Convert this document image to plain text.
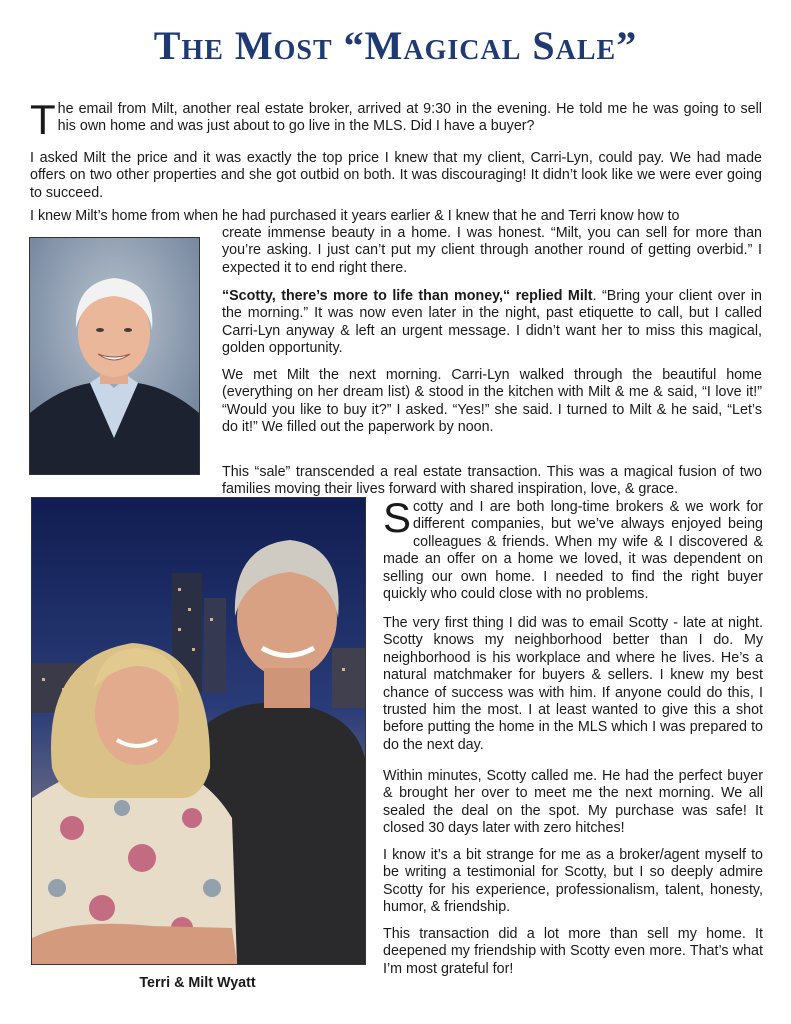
The Most “Magical Sale”

The email from Milt, another real estate broker, arrived at 9:30 in the evening. He told me he was going to sell his own home and was just about to go live in the MLS. Did I have a buyer?

I asked Milt the price and it was exactly the top price I knew that my client, Carri-Lyn, could pay. We had made offers on two other properties and she got outbid on both. It was discouraging! It didn’t look like we were ever going to succeed.

I knew Milt’s home from when he had purchased it years earlier & I knew that he and Terri know how to

create immense beauty in a home. I was honest. “Milt, you can sell for more than you’re asking. I just can’t put my client through another round of getting overbid.” I expected it to end right there.

“Scotty, there’s more to life than money,“ replied Milt. “Bring your client over in the morning.” It was now even later in the night, past etiquette to call, but I called Carri-Lyn anyway & left an urgent message. I didn’t want her to miss this magical, golden opportunity.

We met Milt the next morning. Carri-Lyn walked through the beautiful home (everything on her dream list) & stood in the kitchen with Milt & me & said, “I love it!” “Would you like to buy it?” I asked. “Yes!” she said. I turned to Milt & he said, “Let’s do it!” We filled out the paperwork by noon.

This “sale” transcended a real estate transaction. This was a magical fusion of two families moving their lives forward with shared inspiration, love, & grace.

Terri & Milt Wyatt

Scotty and I are both long-time brokers & we work for different companies, but we’ve always enjoyed being colleagues & friends. When my wife & I discovered & made an offer on a home we loved, it was dependent on selling our own home. I needed to find the right buyer quickly who could close with no problems.

The very first thing I did was to email Scotty - late at night. Scotty knows my neighborhood better than I do. My neighborhood is his workplace and where he lives. He’s a natural matchmaker for buyers & sellers. I knew my best chance of success was with him. If anyone could do this, I trusted him the most. I at least wanted to give this a shot before putting the home in the MLS which I was prepared to do the next day.

Within minutes, Scotty called me. He had the perfect buyer & brought her over to meet me the next morning. We all sealed the deal on the spot. My purchase was safe! It closed 30 days later with zero hitches!

I know it’s a bit strange for me as a broker/agent myself to be writing a testimonial for Scotty, but I so deeply admire Scotty for his experience, professionalism, talent, honesty, humor, & friendship.

This transaction did a lot more than sell my home. It deepened my friendship with Scotty even more. That’s what I’m most grateful for!
